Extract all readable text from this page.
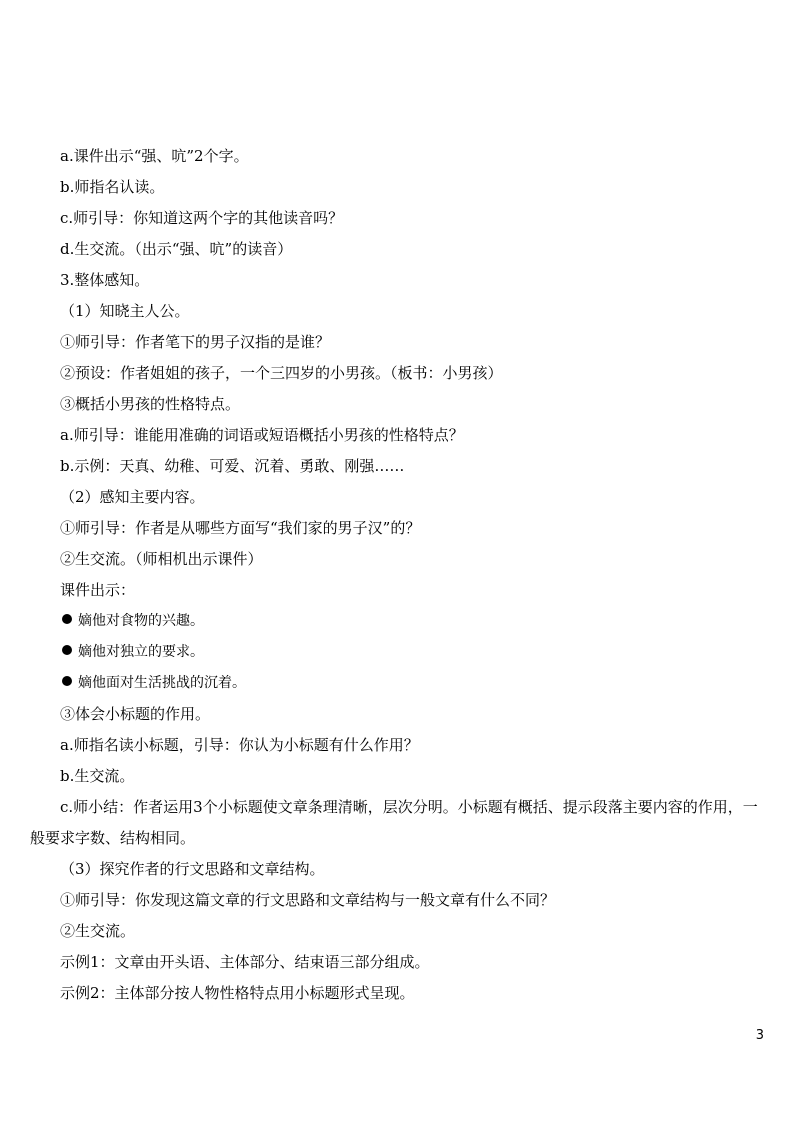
a.课件出示“强、吭”2个字。
b.师指名认读。
c.师引导：你知道这两个字的其他读音吗？
d.生交流。（出示“强、吭”的读音）
3.整体感知。
（1）知晓主人公。
①师引导：作者笔下的男子汉指的是谁？
②预设：作者姐姐的孩子，一个三四岁的小男孩。（板书：小男孩）
③概括小男孩的性格特点。
a.师引导：谁能用准确的词语或短语概括小男孩的性格特点？
b.示例：天真、幼稚、可爱、沉着、勇敢、刚强……
（2）感知主要内容。
①师引导：作者是从哪些方面写“我们家的男子汉”的？
②生交流。（师相机出示课件）
课件出示：
嫡他对食物的兴趣。
嫡他对独立的要求。
嫡他面对生活挑战的沉着。
③体会小标题的作用。
a.师指名读小标题，引导：你认为小标题有什么作用？
b.生交流。
c.师小结：作者运用3个小标题使文章条理清晰，层次分明。小标题有概括、提示段落主要内容的作用，一般要求字数、结构相同。
（3）探究作者的行文思路和文章结构。
①师引导：你发现这篇文章的行文思路和文章结构与一般文章有什么不同？
②生交流。
示例1：文章由开头语、主体部分、结束语三部分组成。
示例2：主体部分按人物性格特点用小标题形式呈现。
3
